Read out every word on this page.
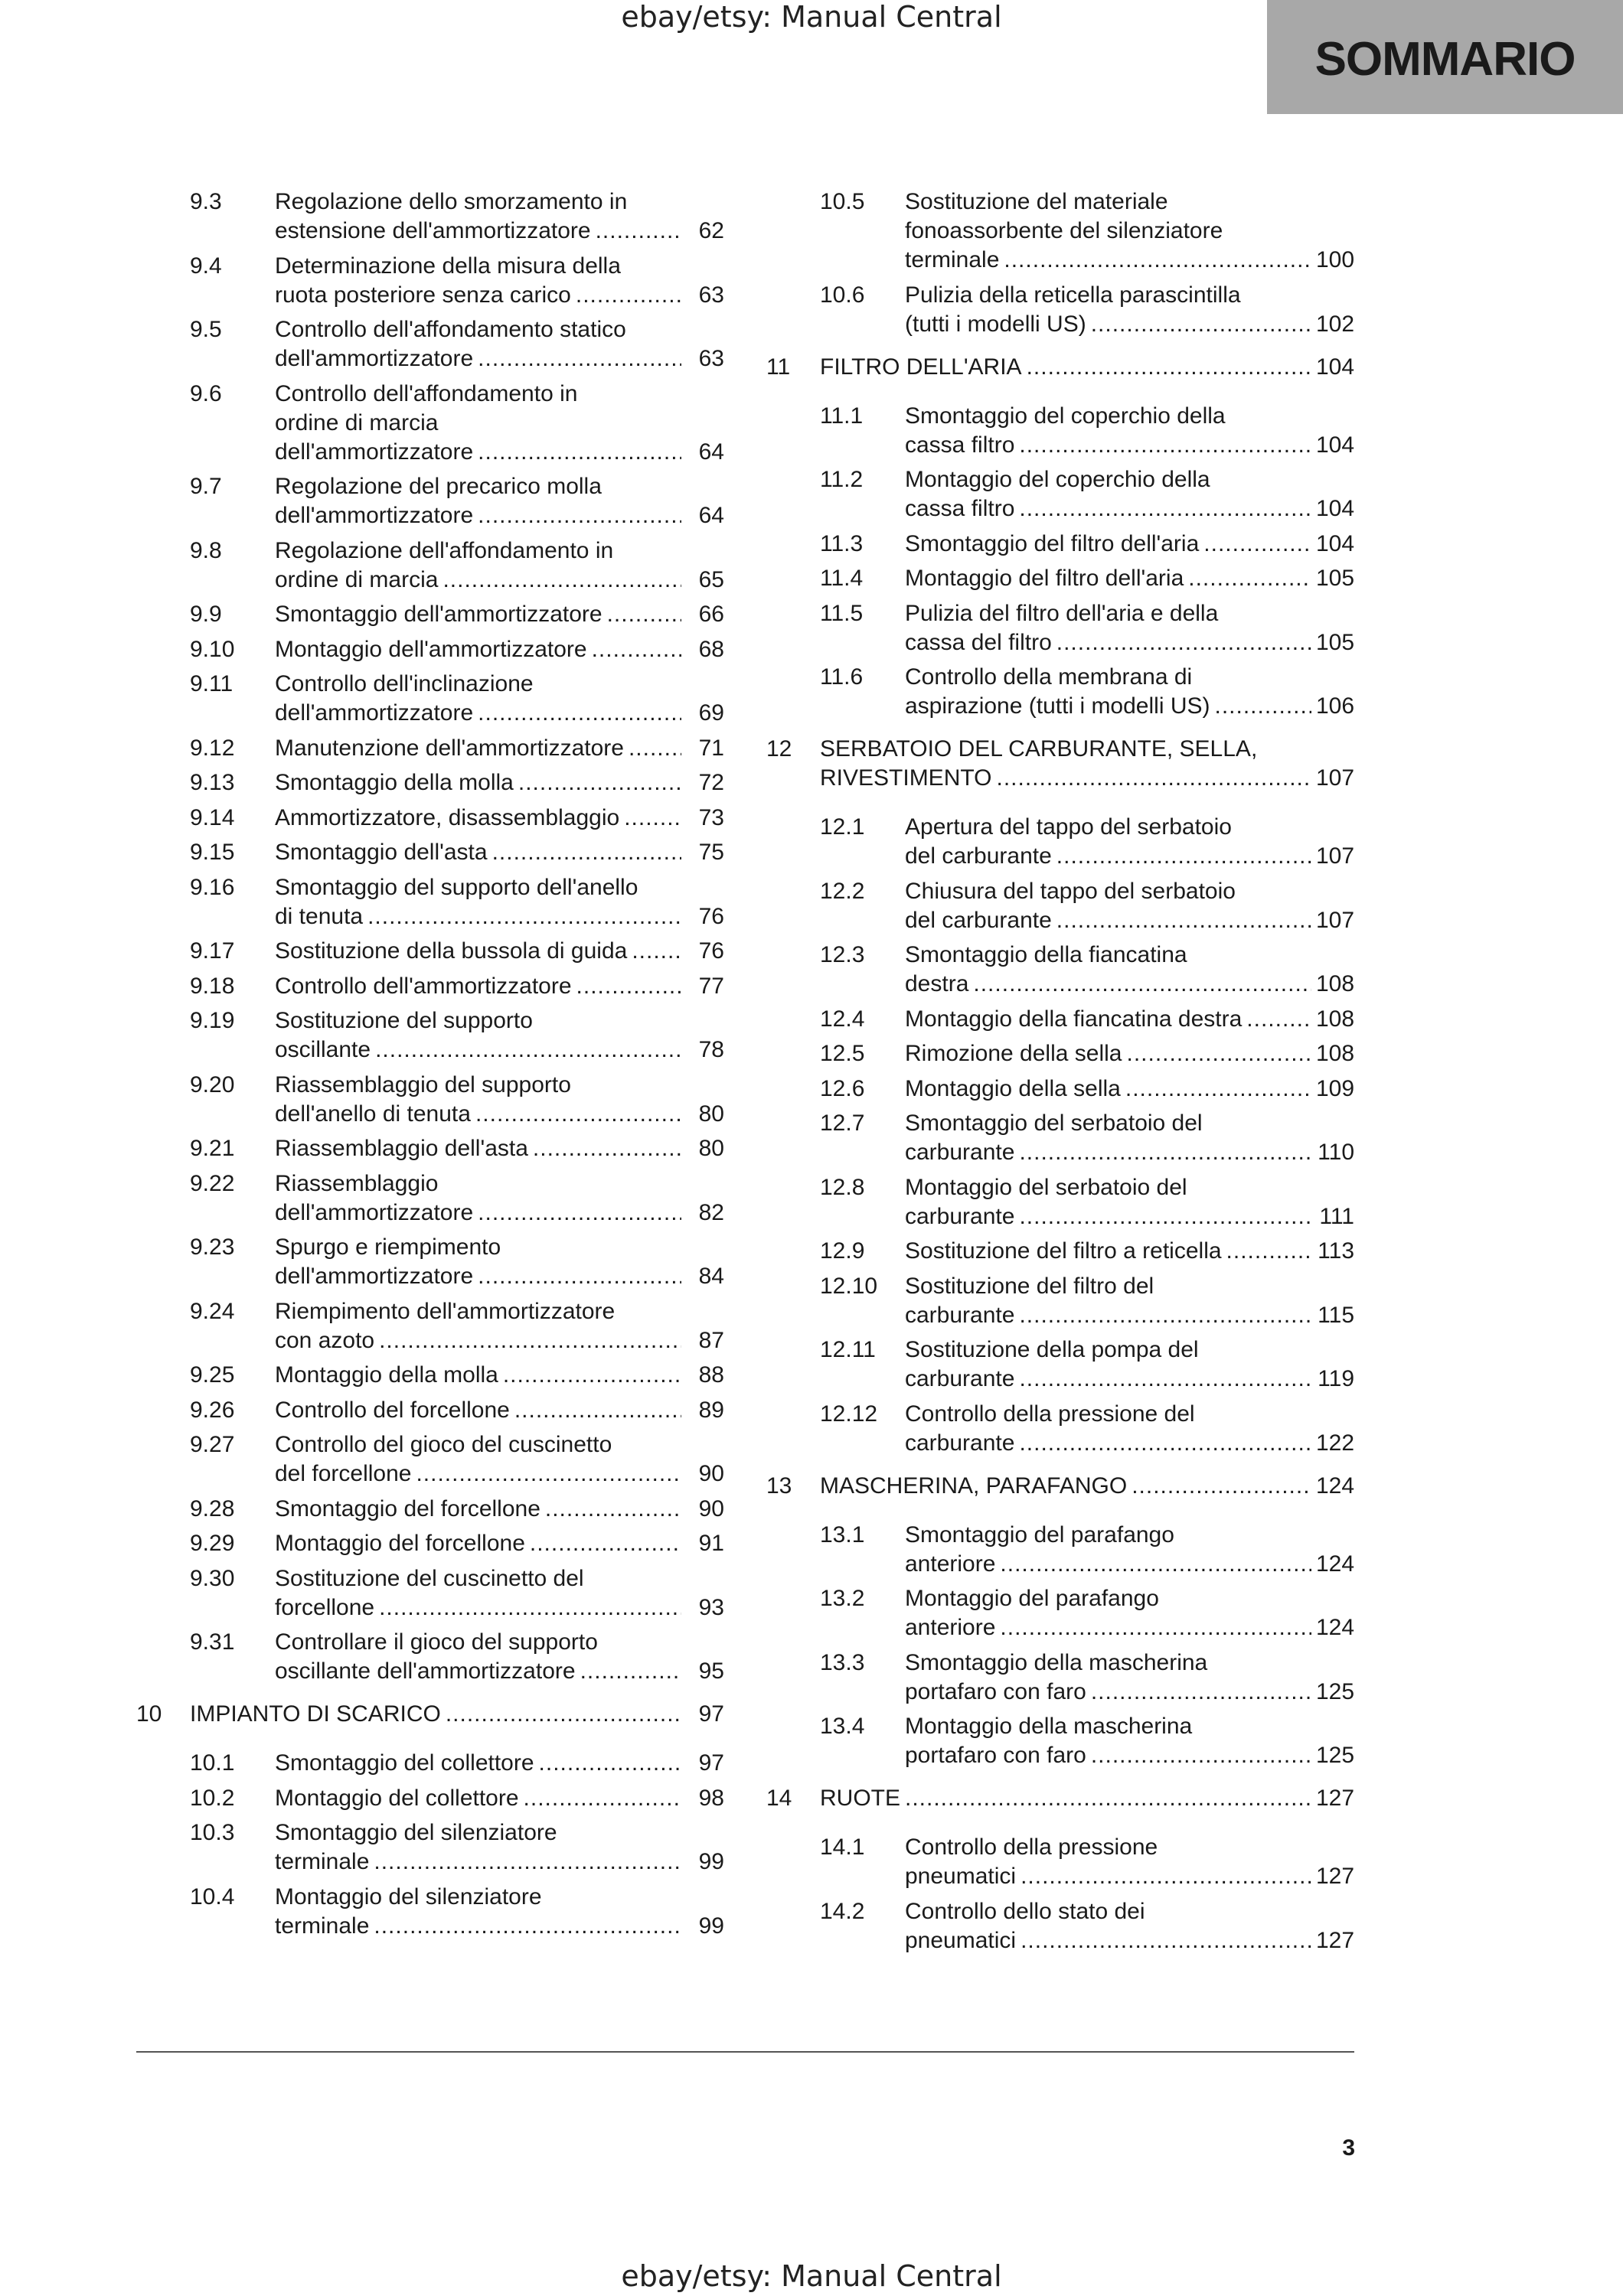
ebay/etsy: Manual Central
SOMMARIO
9.3 Regolazione dello smorzamento in
estensione dell'ammortizzatore .....	62
9.4 Determinazione della misura della
ruota posteriore senza carico .....	63
9.5 Controllo dell'affondamento statico
dell'ammortizzatore .....	63
9.6 Controllo dell'affondamento in
ordine di marcia
dell'ammortizzatore .....	64
9.7 Regolazione del precarico molla
dell'ammortizzatore .....	64
9.8 Regolazione dell'affondamento in
ordine di marcia .....	65
9.9 Smontaggio dell'ammortizzatore .....	66
9.10 Montaggio dell'ammortizzatore .....	68
9.11 Controllo dell'inclinazione
dell'ammortizzatore .....	69
9.12 Manutenzione dell'ammortizzatore .....	71
9.13 Smontaggio della molla .....	72
9.14 Ammortizzatore, disassemblaggio .....	73
9.15 Smontaggio dell'asta .....	75
9.16 Smontaggio del supporto dell'anello
di tenuta .....	76
9.17 Sostituzione della bussola di guida .....	76
9.18 Controllo dell'ammortizzatore .....	77
9.19 Sostituzione del supporto
oscillante .....	78
9.20 Riassemblaggio del supporto
dell'anello di tenuta .....	80
9.21 Riassemblaggio dell'asta .....	80
9.22 Riassemblaggio
dell'ammortizzatore .....	82
9.23 Spurgo e riempimento
dell'ammortizzatore .....	84
9.24 Riempimento dell'ammortizzatore
con azoto .....	87
9.25 Montaggio della molla .....	88
9.26 Controllo del forcellone .....	89
9.27 Controllo del gioco del cuscinetto
del forcellone .....	90
9.28 Smontaggio del forcellone .....	90
9.29 Montaggio del forcellone .....	91
9.30 Sostituzione del cuscinetto del
forcellone .....	93
9.31 Controllare il gioco del supporto
oscillante dell'ammortizzatore .....	95
10 IMPIANTO DI SCARICO .....	97
10.1 Smontaggio del collettore .....	97
10.2 Montaggio del collettore .....	98
10.3 Smontaggio del silenziatore
terminale .....	99
10.4 Montaggio del silenziatore
terminale .....	99
10.5 Sostituzione del materiale
fonoassorbente del silenziatore
terminale .....	100
10.6 Pulizia della reticella parascintilla
(tutti i modelli US) .....	102
11 FILTRO DELL'ARIA .....	104
11.1 Smontaggio del coperchio della
cassa filtro .....	104
11.2 Montaggio del coperchio della
cassa filtro .....	104
11.3 Smontaggio del filtro dell'aria .....	104
11.4 Montaggio del filtro dell'aria .....	105
11.5 Pulizia del filtro dell'aria e della
cassa del filtro .....	105
11.6 Controllo della membrana di
aspirazione (tutti i modelli US) .....	106
12 SERBATOIO DEL CARBURANTE, SELLA,
RIVESTIMENTO .....	107
12.1 Apertura del tappo del serbatoio
del carburante .....	107
12.2 Chiusura del tappo del serbatoio
del carburante .....	107
12.3 Smontaggio della fiancatina
destra .....	108
12.4 Montaggio della fiancatina destra .....	108
12.5 Rimozione della sella .....	108
12.6 Montaggio della sella .....	109
12.7 Smontaggio del serbatoio del
carburante .....	110
12.8 Montaggio del serbatoio del
carburante .....	111
12.9 Sostituzione del filtro a reticella .....	113
12.10 Sostituzione del filtro del
carburante .....	115
12.11 Sostituzione della pompa del
carburante .....	119
12.12 Controllo della pressione del
carburante .....	122
13 MASCHERINA, PARAFANGO .....	124
13.1 Smontaggio del parafango
anteriore .....	124
13.2 Montaggio del parafango
anteriore .....	124
13.3 Smontaggio della mascherina
portafaro con faro .....	125
13.4 Montaggio della mascherina
portafaro con faro .....	125
14 RUOTE .....	127
14.1 Controllo della pressione
pneumatici .....	127
14.2 Controllo dello stato dei
pneumatici .....	127
3
ebay/etsy: Manual Central
